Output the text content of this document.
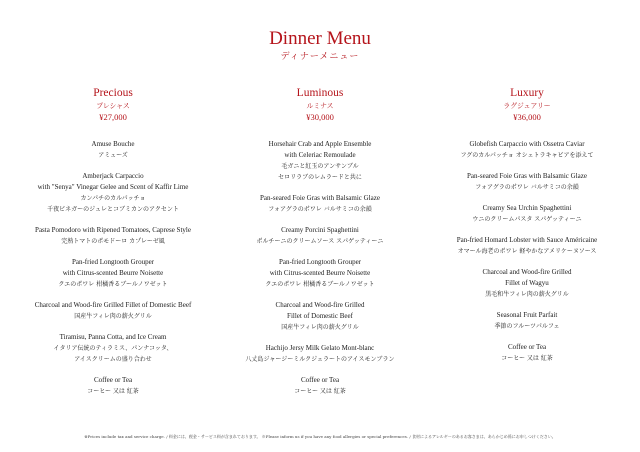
Dinner Menu
ディナーメニュー
Precious
プレシャス
¥27,000
Amuse Bouche
アミューズ
Amberjack Carpaccio
with "Senya" Vinegar Gelee and Scent of Kaffir Lime
カンパチのカルパッチョ
千夜ビネガーのジュレとコブミカンのアクセント
Pasta Pomodoro with Ripened Tomatoes, Caprese Style
完熟トマトのポモドーロ カプレーゼ風
Pan-fried Longtooth Grouper
with Citrus-scented Beurre Noisette
クエのポワレ 柑橘香るブールノワゼット
Charcoal and Wood-fire Grilled Fillet of Domestic Beef
国産牛フィレ肉の薪火グリル
Tiramisu, Panna Cotta, and Ice Cream
イタリア伝統のティラミス、パンナコッタ、
アイスクリームの盛り合わせ
Coffee or Tea
コーヒー 又は 紅茶
Luminous
ルミナス
¥30,000
Horsehair Crab and Apple Ensemble
with Celeriac Remoulade
毛ガニと紅玉のアンサンブル
セロリラブのレムラードと共に
Pan-seared Foie Gras with Balsamic Glaze
フォアグラのポワレ バルサミコの余韻
Creamy Porcini Spaghettini
ポルチーニのクリームソース スパゲッティーニ
Pan-fried Longtooth Grouper
with Citrus-scented Beurre Noisette
クエのポワレ 柑橘香るブールノワゼット
Charcoal and Wood-fire Grilled
Fillet of Domestic Beef
国産牛フィレ肉の薪火グリル
Hachijo Jersy Milk Gelato Mont-blanc
八丈島ジャージーミルクジェラートのアイスモンブラン
Coffee or Tea
コーヒー 又は 紅茶
Luxury
ラグジュアリー
¥36,000
Globefish Carpaccio with Ossetra Caviar
フグのカルパッチョ オシェトラキャビアを添えて
Pan-seared Foie Gras with Balsamic Glaze
フォアグラのポワレ バルサミコの余韻
Creamy Sea Urchin Spaghettini
ウニのクリームパスタ スパゲッティーニ
Pan-fried Homard Lobster with Sauce Américaine
オマール海老のポワレ 軽やかなアメリケーヌソース
Charcoal and Wood-fire Grilled
Fillet of Wagyu
黒毛和牛フィレ肉の薪火グリル
Seasonal Fruit Parfait
季節のフルーツパルフェ
Coffee or Tea
コーヒー 又は 紅茶
※Prices include tax and service charge. / 料金には、税金・サービス料が含まれております。 ※Please inform us if you have any food allergies or special preferences. / 食材によるアレルギーのあるお客さまは、あらかじめ係にお申しつけください。
